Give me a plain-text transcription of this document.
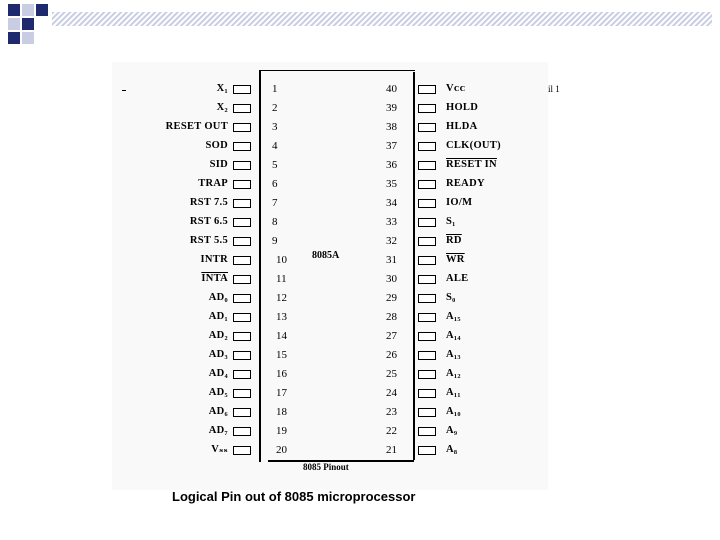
il 1
8085A
8085 Pinout
Logical Pin out of 8085 microprocessor
X₁	1
X₂	2
RESET OUT	3
SOD	4
SID	5
TRAP	6
RST 7.5	7
RST 6.5	8
RST 5.5	9
INTR	10
INTA	11
AD₀	12
AD₁	13
AD₂	14
AD₃	15
AD₄	16
AD₅	17
AD₆	18
AD₇	19
Vₛₛ	20
40	Vᴄᴄ
39	HOLD
38	HLDA
37	CLK(OUT)
36	RESET IN
35	READY
34	IO/M
33	S₁
32	$\overline{RD}$
31	$\overline{WR}$
30	ALE
29	S₀
28	A₁₅
27	A₁₄
26	A₁₃
25	A₁₂
24	A₁₁
23	A₁₀
22	A₉
21	A₈
